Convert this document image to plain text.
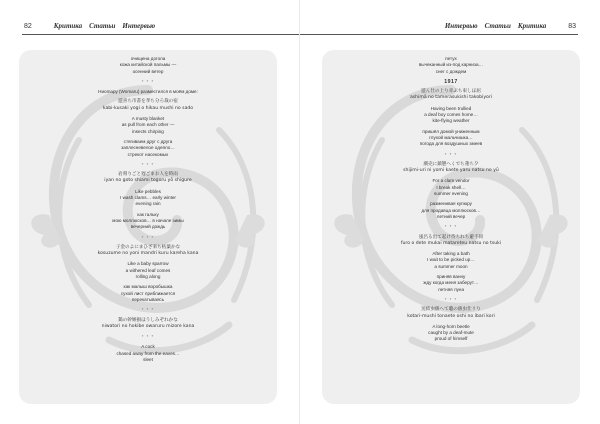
82	Критика Статьи Интервью
очищена догола
кожа китайской пальмы —
осенний ветер
* * *
Ниomару (Womaru) разместился в моём доме:
遊喜ち市書を孝ち分ろ裁の宿
kabi-kusaki yogi o hikau mushi no sado
A musty blanket
as pull from each other —
insects chirping
стягиваем друг с друга
заплесневелое одеяло…
стрекот насекомых
* * *
岩刻りごと遅ごまお人を時雨
iyan no goto shiami togoru yō shigure
Like pebbles
I wash clams… early winter
evening rain
как гальку
мою моллюсков… в начале зимы
вечерний дождь
* * *
子金のよにまひざ来ち枯葉かな
kosuzume no yoni mandri kuru kareha kana
Like a baby sparrow
a withered leaf comes
rolling along
как малыш воробышка
сухой лист приближается
перекатываясь
* * *
鶏の幹嫉損ほうしみぞれかな
niwatori no hokibe owaruru mizore kana
* * *
A cock
chased away from the eaves…
sleet
Интервью Статьи Критика	83
петух
вычеканный из-под карниза…
снег с дождем
1917
遊ん仕の上り赤ぷち束しほ屈
ashimā no tamerasukishi takobiyori
Having been trullied
a deaf boy comes home…
kite-flying weather
пришёл домой униженным
глухой мальчишка…
погода для воздушных змеев
* * *
潮売に鎮態へくでち蓮ち夕
shijimi-uri ni yomi kaete yaru natsu no yū
For a clam vendor
I break shell…
summer evening
разменивая купюру
для продавца моллюсков…
летний вечер
* * *
風呂る出て起け待ちれち避不同
furo o dete mukai matareteu natsu no tsuki
After taking a bath
I wait to be picked up…
a summer moon
приняв ванну
жду когда меня заберут…
летняя луна
* * *
送結虫値へて聴の値虫仕リり
kotari-mushi tonaete oshi no ibari kori
A long-horn beetle
caught by a deaf-mute
proud of himself
